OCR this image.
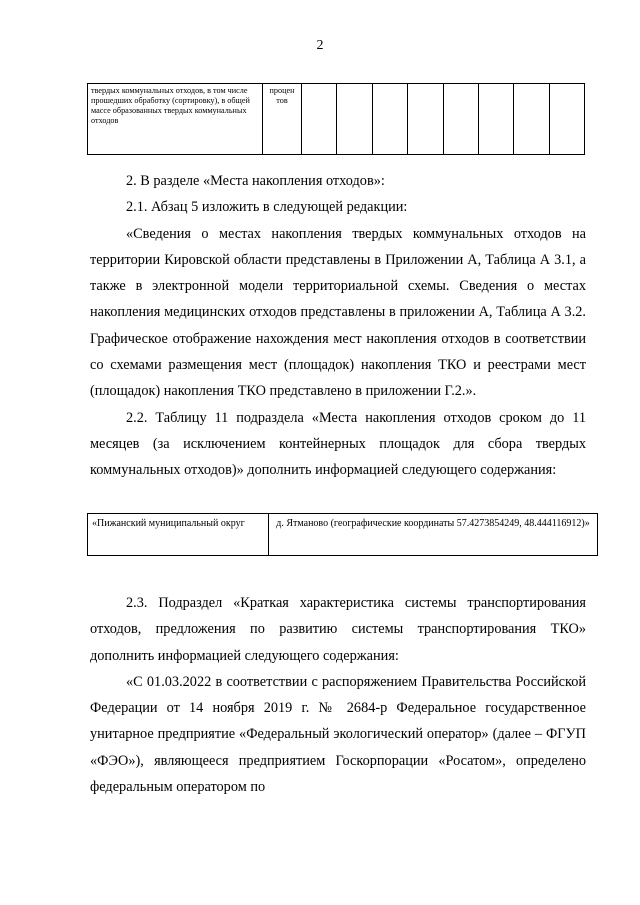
2
твердых коммунальных отходов, в том числе прошедших обработку (сортировку), в общей массе образованных твердых коммунальных отходов	процен тов								

2. В разделе «Места накопления отходов»:

2.1. Абзац 5 изложить в следующей редакции:

«Сведения о местах накопления твердых коммунальных отходов на территории Кировской области представлены в Приложении А, Таблица А 3.1, а также в электронной модели территориальной схемы. Сведения о местах накопления медицинских отходов представлены в приложении А, Таблица А 3.2. Графическое отображение нахождения мест накопления отходов в соответствии со схемами размещения мест (площадок) накопления ТКО и реестрами мест (площадок) накопления ТКО представлено в приложении Г.2.».

2.2. Таблицу 11 подраздела «Места накопления отходов сроком до 11 месяцев (за исключением контейнерных площадок для сбора твердых коммунальных отходов)» дополнить информацией следующего содержания:

«Пижанский муниципальный округ	д. Ятманово (географические координаты 57.4273854249, 48.444116912)»

2.3. Подраздел «Краткая характеристика системы транспортирования отходов, предложения по развитию системы транспортирования ТКО» дополнить информацией следующего содержания:

«С 01.03.2022 в соответствии с распоряжением Правительства Российской Федерации от 14 ноября 2019 г. № 2684-р Федеральное государственное унитарное предприятие «Федеральный экологический оператор» (далее – ФГУП «ФЭО»), являющееся предприятием Госкорпорации «Росатом», определено федеральным оператором по
